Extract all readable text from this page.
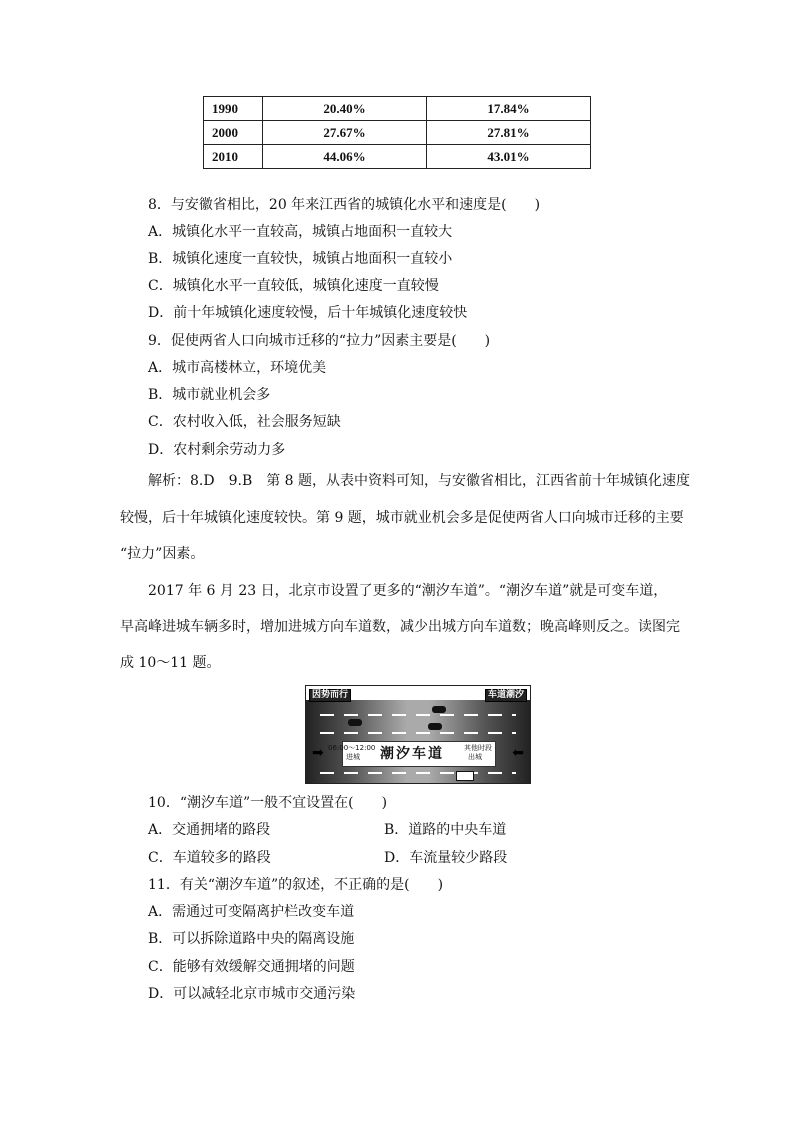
1990	20.40%	17.84%
2000	27.67%	27.81%
2010	44.06%	43.01%
8．与安徽省相比，20 年来江西省的城镇化水平和速度是(　　)
A．城镇化水平一直较高，城镇占地面积一直较大
B．城镇化速度一直较快，城镇占地面积一直较小
C．城镇化水平一直较低，城镇化速度一直较慢
D．前十年城镇化速度较慢，后十年城镇化速度较快
9．促使两省人口向城市迁移的“拉力”因素主要是(　　)
A．城市高楼林立，环境优美
B．城市就业机会多
C．农村收入低，社会服务短缺
D．农村剩余劳动力多
解析：8.D　9.B　第 8 题，从表中资料可知，与安徽省相比，江西省前十年城镇化速度
较慢，后十年城镇化速度较快。第 9 题，城市就业机会多是促使两省人口向城市迁移的主要
“拉力”因素。
2017 年 6 月 23 日，北京市设置了更多的“潮汐车道”。“潮汐车道”就是可变车道，
早高峰进城车辆多时，增加进城方向车道数，减少出城方向车道数；晚高峰则反之。读图完
成 10～11 题。
因势而行	车道潮汐
➡	⬅
06:00～12:00
进城 潮汐车道	其他时段
出城
10．“潮汐车道”一般不宜设置在(　　)
A．交通拥堵的路段	B．道路的中央车道
C．车道较多的路段	D．车流量较少路段
11．有关“潮汐车道”的叙述，不正确的是(　　)
A．需通过可变隔离护栏改变车道
B．可以拆除道路中央的隔离设施
C．能够有效缓解交通拥堵的问题
D．可以减轻北京市城市交通污染
